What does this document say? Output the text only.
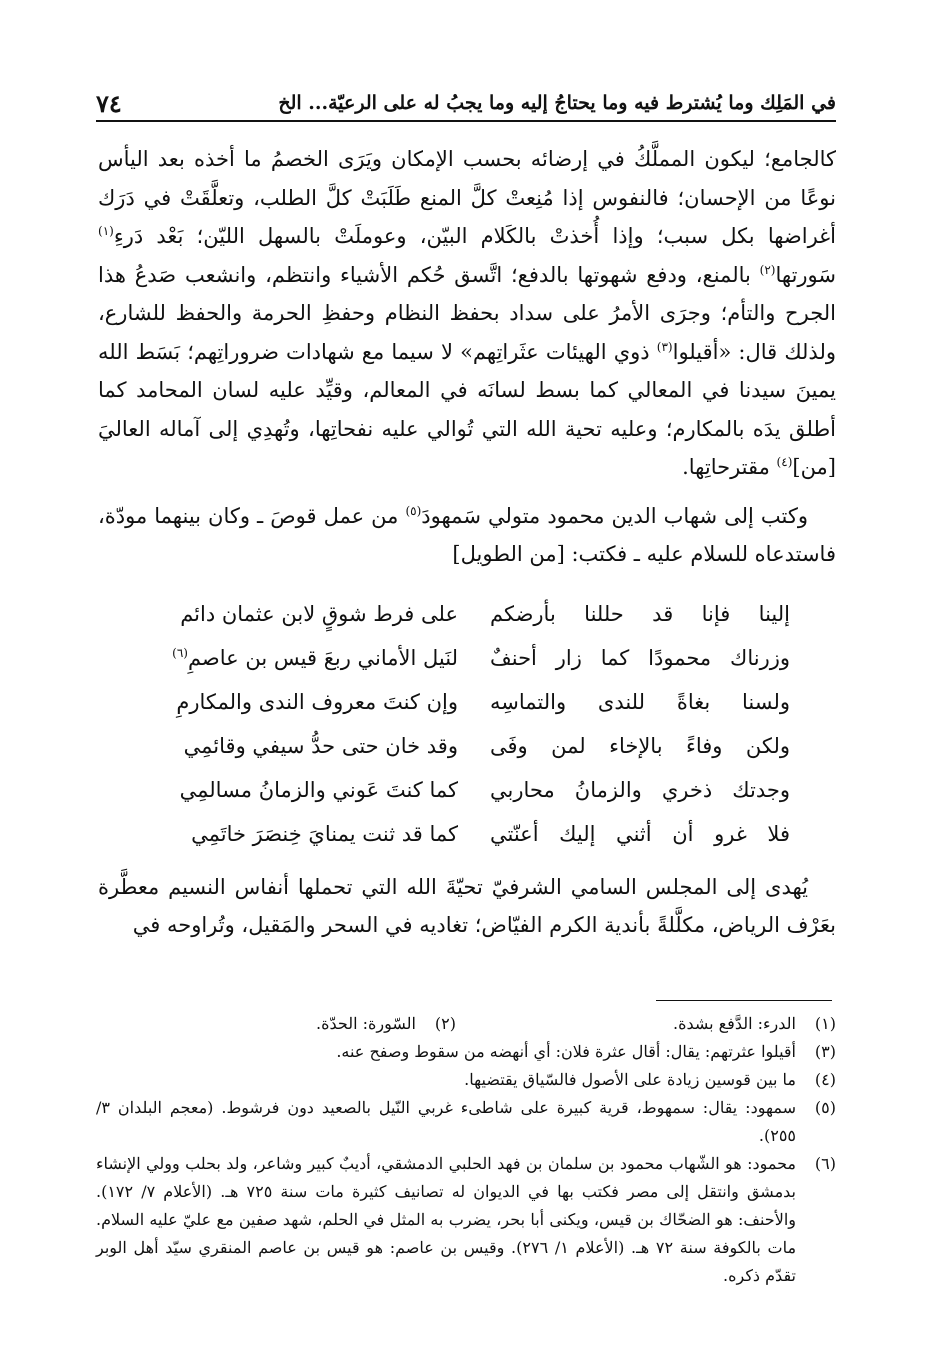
في المَلِك وما يُشترط فيه وما يحتاجُ إليه وما يجبُ له على الرعيّة... الخ
٧٤

كالجامع؛ ليكون المملَّكُ في إرضائه بحسب الإمكان ويَرَى الخصمُ ما أخذه بعد اليأس نوعًا من الإحسان؛ فالنفوس إذا مُنِعتْ كلَّ المنع طَلَبَتْ كلَّ الطلب، وتعلَّقَتْ في دَرَك أغراضها بكل سبب؛ وإذا أُخذتْ بالكَلام البيّن، وعوملَتْ بالسهل الليّن؛ بَعْد دَرءِ$^{(١)}$ سَورتها$^{(٢)}$ بالمنع، ودفع شهوتها بالدفع؛ اتَّسق حُكم الأشياء وانتظم، وانشعب صَدعُ هذا الجرح والتأم؛ وجرَى الأمرُ على سداد بحفظ النظام وحفظِ الحرمة والحفظ للشارع، ولذلك قال: «أقيلوا$^{(٣)}$ ذوي الهيئات عثَراتِهم» لا سيما مع شهادات ضروراتِهم؛ بَسَط الله يمينَ سيدنا في المعالي كما بسط لسانَه في المعالم، وقيِّد عليه لسان المحامد كما أطلق يدَه بالمكارم؛ وعليه تحية الله التي تُوالي عليه نفحاتِها، وتُهدِي إلى آماله العاليَ [من]$^{(٤)}$ مقترحاتِها.

وكتب إلى شهاب الدين محمود متولي سَمهودَ$^{(٥)}$ من عمل قوصَ ـ وكان بينهما مودّة، فاستدعاه للسلام عليه ـ فكتب: [من الطويل]

إلينا فإنا قد حللنا بأرضكم
على فرط شوقٍ لابن عثمان دائم
وزرناك محمودًا كما زار أحنفٌ
لنَيل الأماني ربعَ قيس بن عاصمِ$^{(٦)}$
ولسنا بغاةً للندى والتماسِه
وإن كنتَ معروف الندى والمكارمِ
ولكن وفاءً بالإخاء لمن وفَى
وقد خان حتى حدُّ سيفي وقائمِي
وجدتك ذخري والزمانُ محاربي
كما كنتَ عَوني والزمانُ مسالمِي
فلا غرو أن أثني إليك أعنّتي
كما قد ثنت يمنايَ خِنصَرَ خاتَمِي

يُهدى إلى المجلس السامي الشرفيّ تحيّةَ الله التي تحملها أنفاس النسيم معطَّرة بعَرْف الرياض، مكلَّلةً بأندية الكرم الفيّاض؛ تغاديه في السحر والمَقيل، وتُراوحه في

(١)
الدرء: الدَّفع بشدة.
(٢)
السّورة: الحدّة.
(٣)
أقيلوا عثرتهم: يقال: أقال عثرة فلان: أي أنهضه من سقوط وصفح عنه.
(٤)
ما بين قوسين زيادة على الأصول فالسّياق يقتضيها.
(٥)
سمهود: يقال: سمهوط، قرية كبيرة على شاطىء غربي النّيل بالصعيد دون فرشوط. (معجم البلدان ٣/ ٢٥٥).
(٦)
محمود: هو الشّهاب محمود بن سلمان بن فهد الحلبي الدمشقي، أديبٌ كبير وشاعر، ولد بحلب وولي الإنشاء بدمشق وانتقل إلى مصر فكتب بها في الديوان له تصانيف كثيرة مات سنة ٧٢٥ هـ. (الأعلام ٧/ ١٧٢). والأحنف: هو الضحّاك بن قيس، ويكنى أبا بحر، يضرب به المثل في الحلم، شهد صفين مع عليّ عليه السلام. مات بالكوفة سنة ٧٢ هـ. (الأعلام ١/ ٢٧٦). وقيس بن عاصم: هو قيس بن عاصم المنقري سيّد أهل الوبر تقدّم ذكره.
